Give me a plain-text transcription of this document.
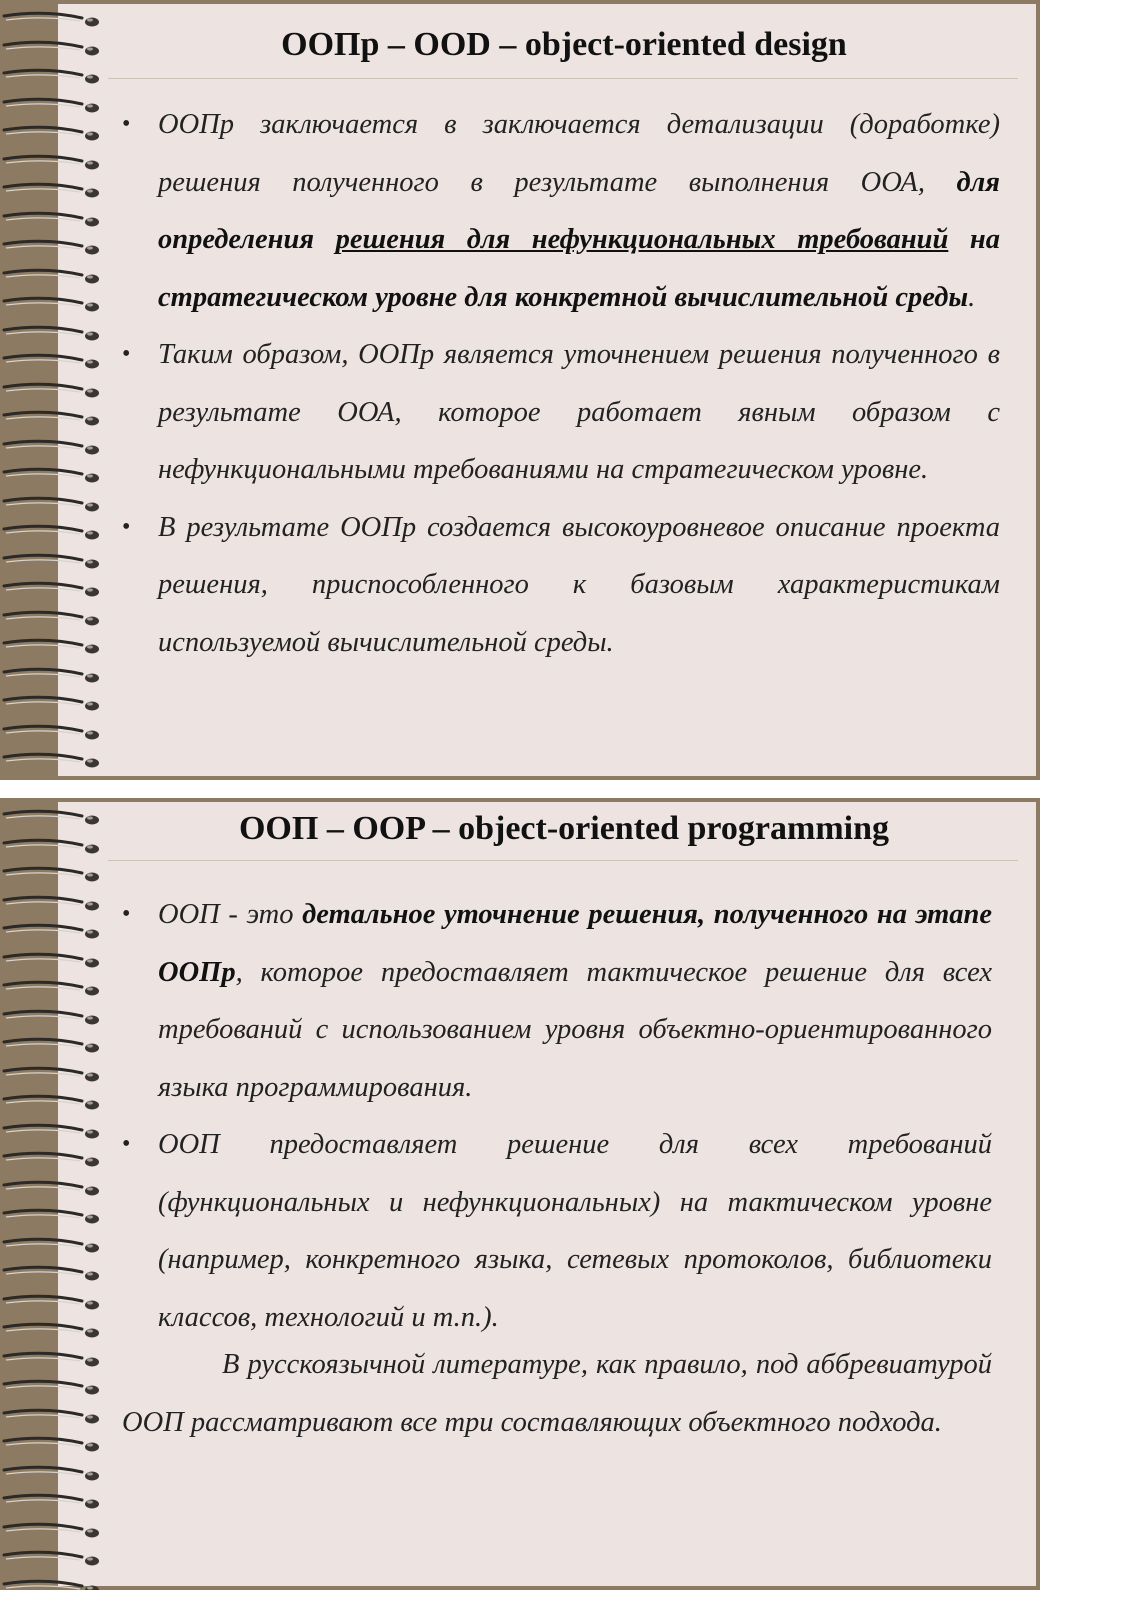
ООПр – OOD – object-oriented design
• ООПр заключается в заключается детализации (доработке) решения полученного в результате выполнения ООА, для определения решения для нефункциональных требований на стратегическом уровне для конкретной вычислительной среды.
• Таким образом, ООПр является уточнением решения полученного в результате ООА, которое работает явным образом с нефункциональными требованиями на стратегическом уровне.
• В результате ООПр создается высокоуровневое описание проекта решения, приспособленного к базовым характеристикам используемой вычислительной среды.
ООП – OOP – object-oriented programming
• ООП - это детальное уточнение решения, полученного на этапе ООПр, которое предоставляет тактическое решение для всех требований с использованием уровня объектно-ориентированного языка программирования.
• ООП предоставляет решение для всех требований (функциональных и нефункциональных) на тактическом уровне (например, конкретного языка, сетевых протоколов, библиотеки классов, технологий и т.п.).

В русскоязычной литературе, как правило, под аббревиатурой ООП рассматривают все три составляющих объектного подхода.
